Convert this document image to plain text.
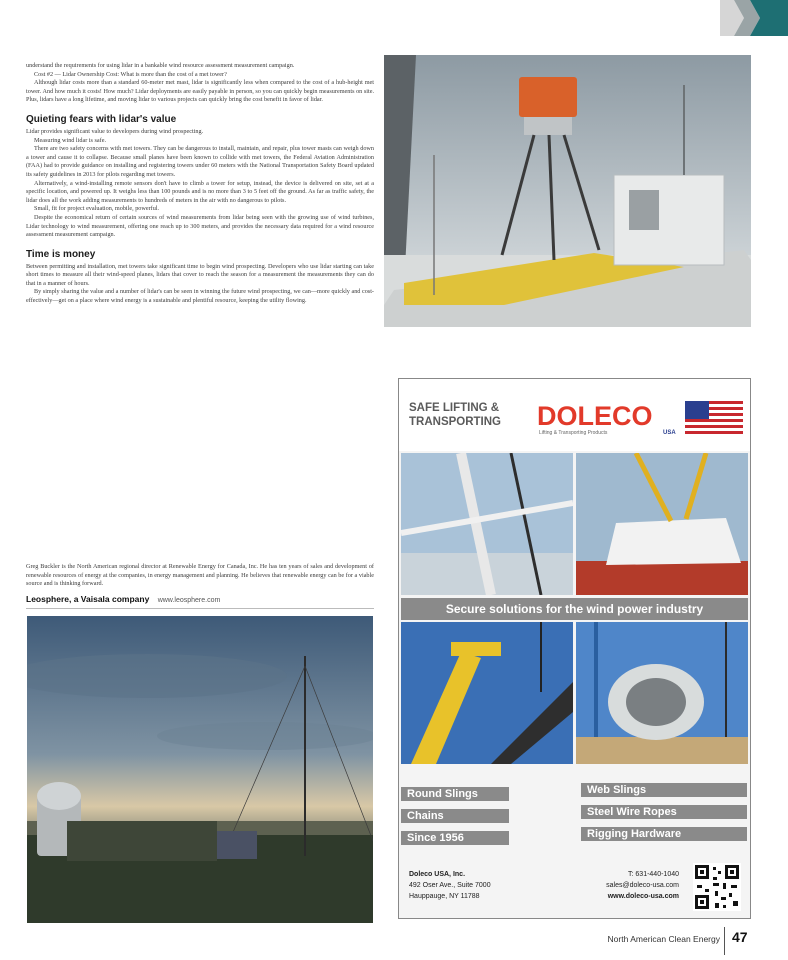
understand the requirements for using lidar in a bankable wind resource assessment measurement campaign.

Cost #2 — Lidar Ownership Cost: What is more than the cost of a met tower?

Although lidar costs more than a standard 60-meter met mast, lidar is significantly less when compared to the cost of a hub-height met tower. And how much it costs! How much? Lidar deployments are easily payable in person, so you can quickly begin measurements on site. Plus, lidars have a long lifetime, and moving lidar to various projects can quickly bring the cost benefit in favor of lidar.

Quieting fears with lidar's value

Lidar provides significant value to developers during wind prospecting.

Measuring wind lidar is safe.

There are two safety concerns with met towers. They can be dangerous to install, maintain, and repair, plus tower masts can weigh down a tower and cause it to collapse. Because small planes have been known to collide with met towers, the Federal Aviation Administration (FAA) had to provide guidance on installing and registering towers under 60 meters with the National Transportation Safety Board updated its safety guidelines in 2013 for pilots regarding met towers.

Alternatively, a wind-installing remote sensors don't have to climb a tower for setup, instead, the device is delivered on site, set at a specific location, and powered up. It weighs less than 100 pounds and is no more than 3 to 5 feet off the ground. As far as traffic safety, the lidar does all the work adding measurements to hundreds of meters in the air with no dangerous to pilots.

Small, fit for project evaluation, mobile, powerful.

Despite the economical return of certain sources of wind measurements from lidar being seen with the growing use of wind turbines, Lidar technology to wind measurement, offering one reach up to 300 meters, and provides the necessary data required for a wind resource assessment measurement campaign.

Time is money

Between permitting and installation, met towers take significant time to begin wind prospecting. Developers who use lidar starting can take short times to measure all their wind-speed planes, lidars that cover to reach the season for a measurement the measurements they can do that in a manner of hours.

By simply sharing the value and a number of lidar's can be seen in winning the future wind prospecting, we can—more quickly and cost-effectively—get on a place where wind energy is a sustainable and plentiful resource, keeping the utility flowing.

Greg Buckler is the North American regional director at Renewable Energy for Canada, Inc. He has ten years of sales and development of renewable resources of energy at the companies, in energy management and planning. He believes that renewable energy can be for a viable source and is thinking forward.
Leosphere, a Vaisala company www.leosphere.com
SAFE LIFTING & TRANSPORTING	DOLECO
Lifting & Transporting Products	USA
Secure solutions for the wind power industry
Round Slings
Chains
Since 1956
Web Slings
Steel Wire Ropes
Rigging Hardware
Doleco USA, Inc.
492 Oser Ave., Suite 7000
Hauppauge, NY 11788
T: 631-440-1040
sales@doleco-usa.com
www.doleco-usa.com
North American Clean Energy 47
